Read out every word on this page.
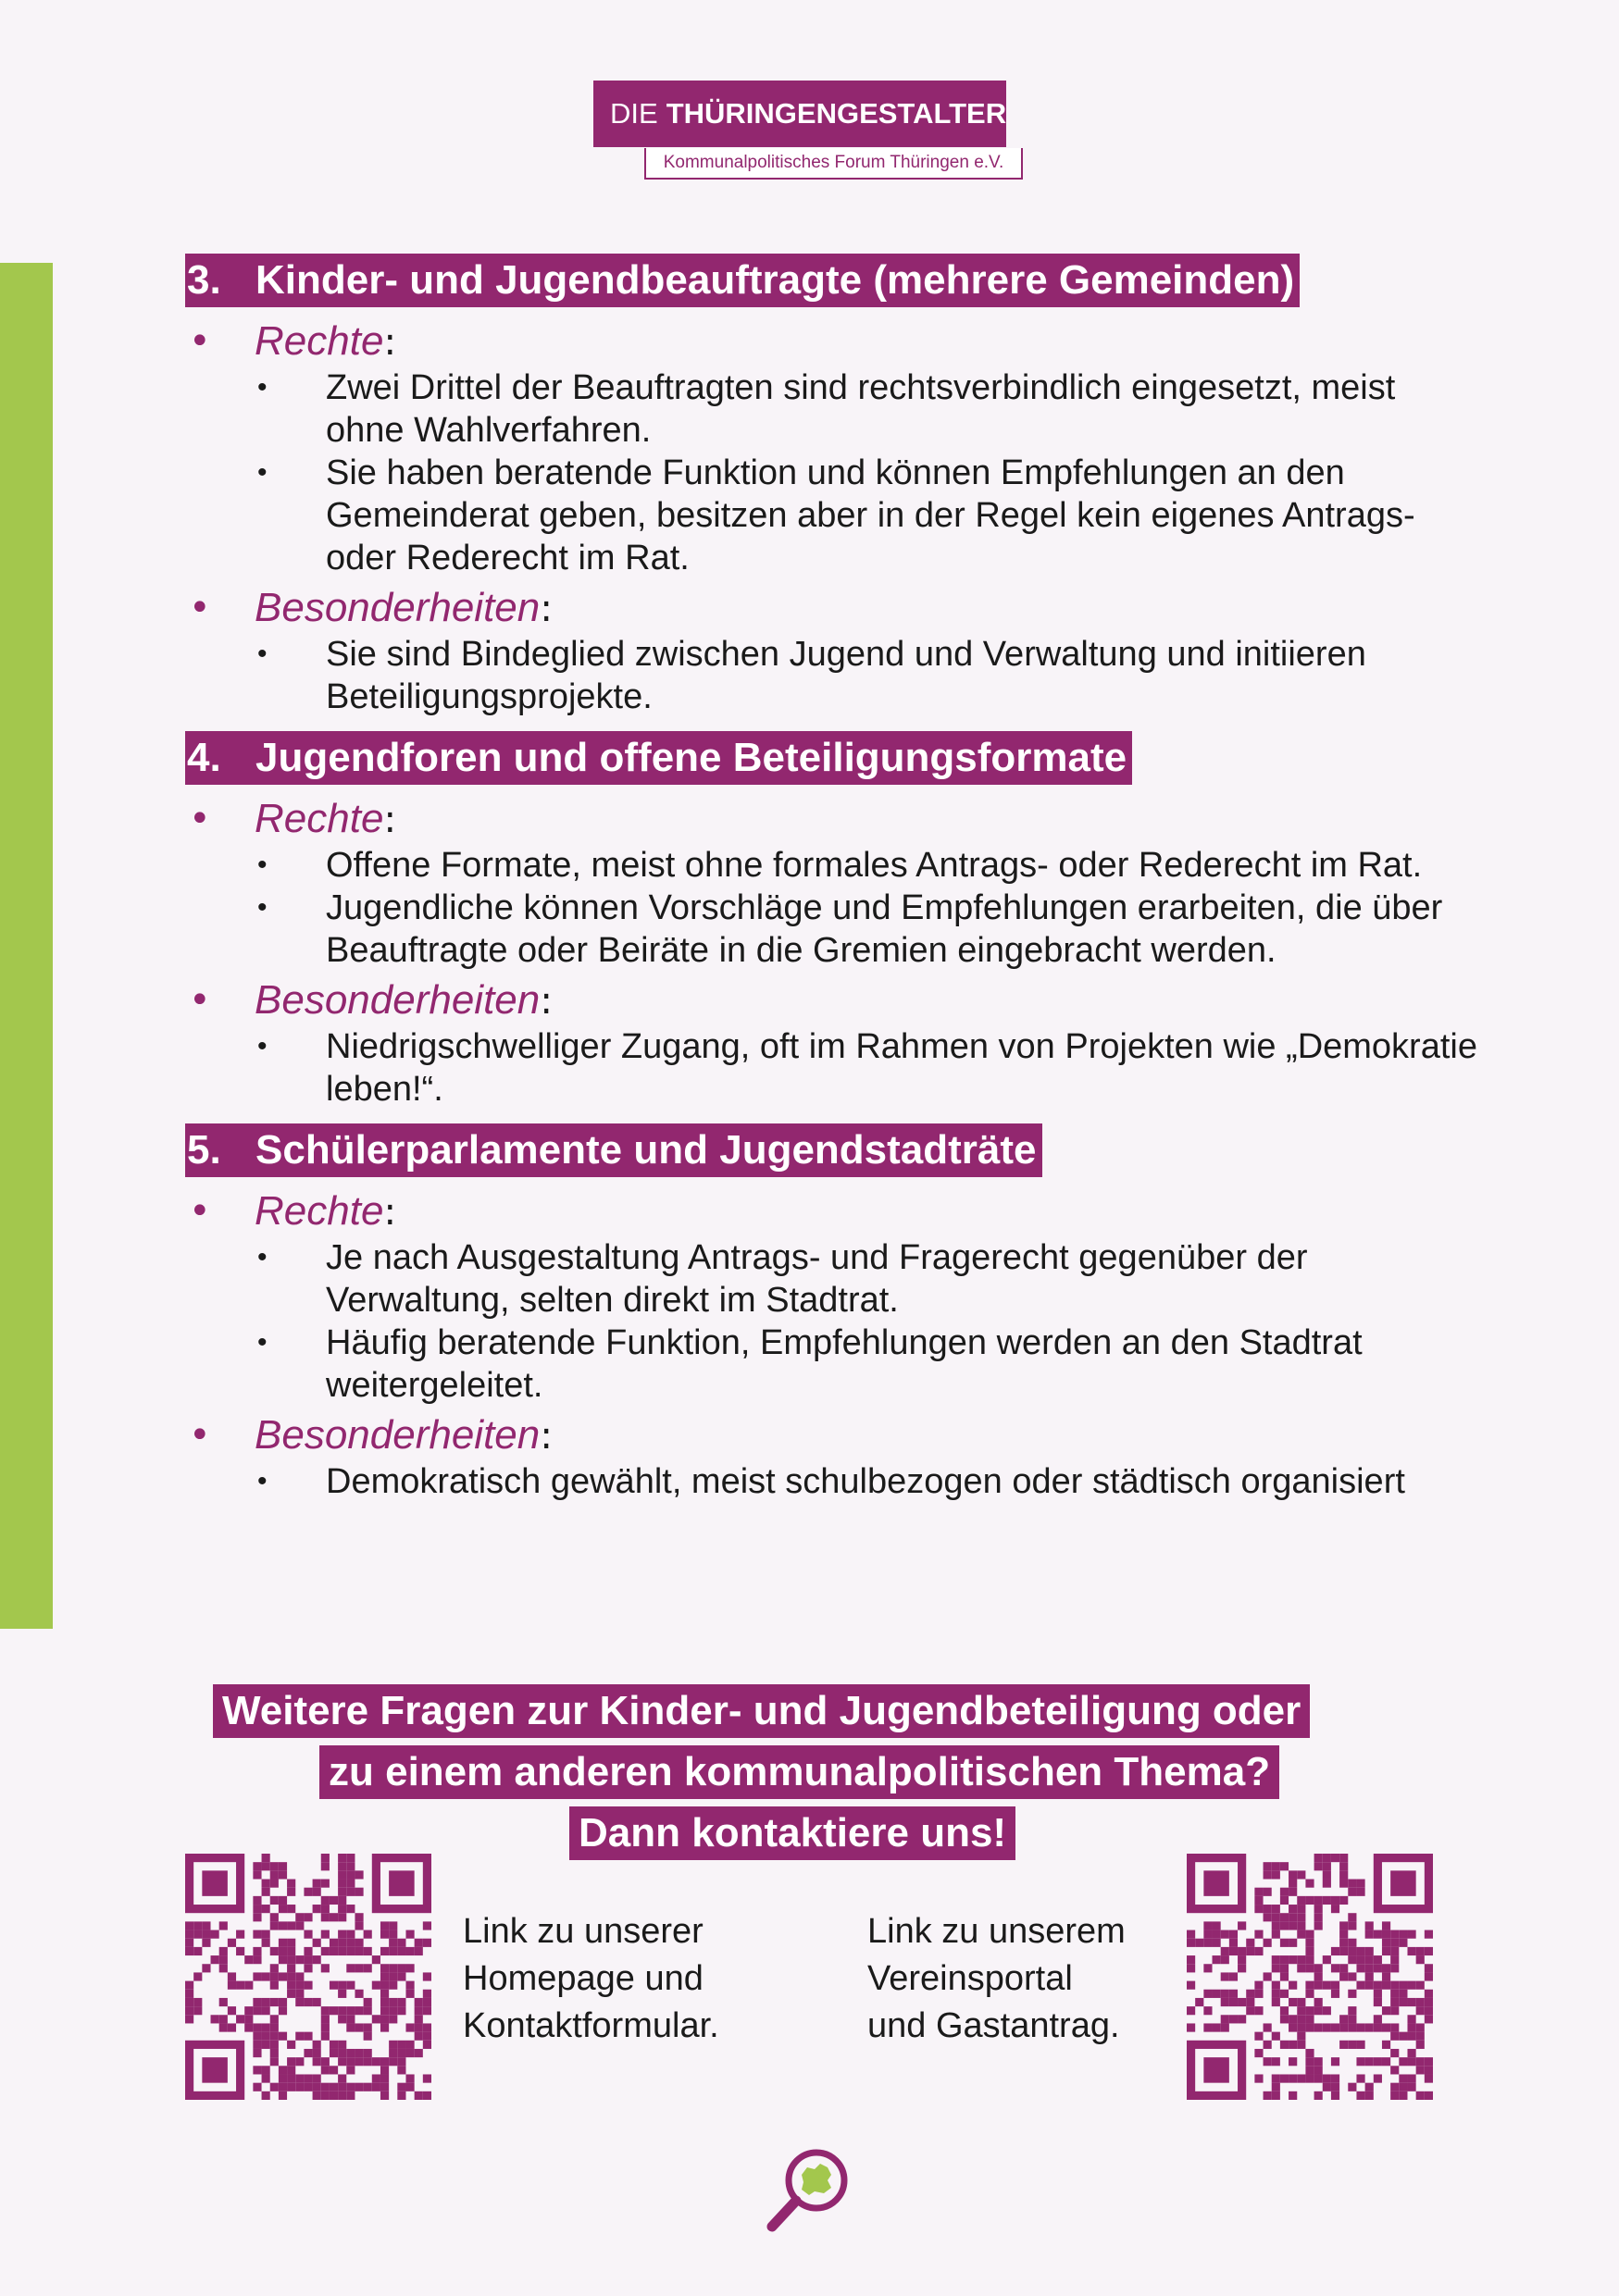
DIE THÜRINGENGESTALTER
Kommunalpolitisches Forum Thüringen e.V.
3. Kinder- und Jugendbeauftragte (mehrere Gemeinden)
• Rechte:
• Zwei Drittel der Beauftragten sind rechtsverbindlich eingesetzt, meist ohne Wahlverfahren.
• Sie haben beratende Funktion und können Empfehlungen an den Gemeinderat geben, besitzen aber in der Regel kein eigenes Antrags- oder Rederecht im Rat.
• Besonderheiten:
• Sie sind Bindeglied zwischen Jugend und Verwaltung und initiieren Beteiligungsprojekte.
4. Jugendforen und offene Beteiligungsformate
• Rechte:
• Offene Formate, meist ohne formales Antrags- oder Rederecht im Rat.
• Jugendliche können Vorschläge und Empfehlungen erarbeiten, die über Beauftragte oder Beiräte in die Gremien eingebracht werden.
• Besonderheiten:
• Niedrigschwelliger Zugang, oft im Rahmen von Projekten wie „Demokratie leben!“.
5. Schülerparlamente und Jugendstadträte
• Rechte:
• Je nach Ausgestaltung Antrags- und Fragerecht gegenüber der Verwaltung, selten direkt im Stadtrat.
• Häufig beratende Funktion, Empfehlungen werden an den Stadtrat weitergeleitet.
• Besonderheiten:
• Demokratisch gewählt, meist schulbezogen oder städtisch organisiert
Weitere Fragen zur Kinder- und Jugendbeteiligung oder
zu einem anderen kommunalpolitischen Thema?
Dann kontaktiere uns!
Link zu unserer
Homepage und
Kontaktformular.
Link zu unserem
Vereinsportal
und Gastantrag.
